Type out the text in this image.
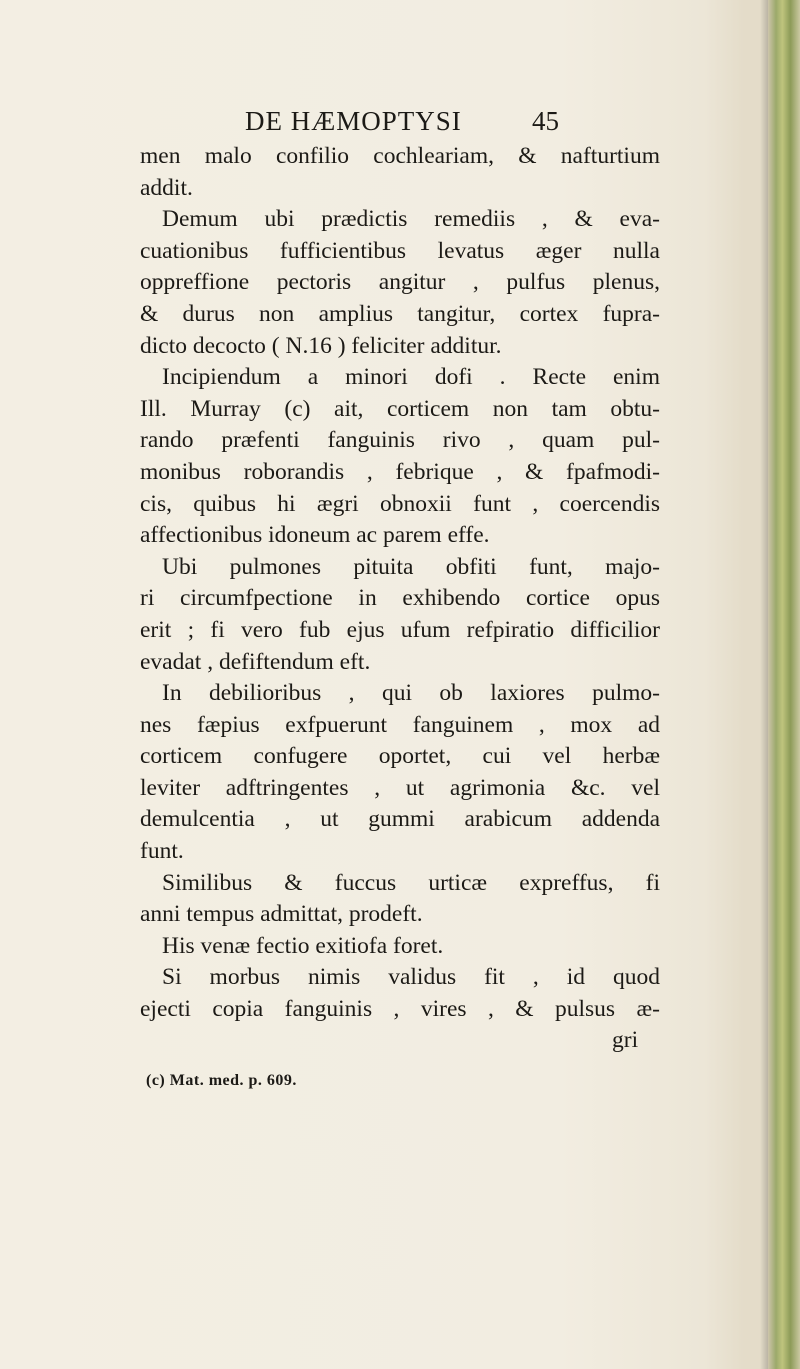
DE HÆMOPTYSI	45
men malo confilio cochleariam, & nafturtium
addit.
Demum ubi prædictis remediis , & eva-
cuationibus fufficientibus levatus æger nulla
oppreffione pectoris angitur , pulfus plenus,
& durus non amplius tangitur, cortex fupra-
dicto decocto ( N.16 ) feliciter additur.
Incipiendum a minori dofi . Recte enim
Ill. Murray (c) ait, corticem non tam obtu-
rando præfenti fanguinis rivo , quam pul-
monibus roborandis , febrique , & fpafmodi-
cis, quibus hi ægri obnoxii funt , coercendis
affectionibus idoneum ac parem effe.
Ubi pulmones pituita obfiti funt, majo-
ri circumfpectione in exhibendo cortice opus
erit ; fi vero fub ejus ufum refpiratio difficilior
evadat , defiftendum eft.
In debilioribus , qui ob laxiores pulmo-
nes fæpius exfpuerunt fanguinem , mox ad
corticem confugere oportet, cui vel herbæ
leviter adftringentes , ut agrimonia &c. vel
demulcentia , ut gummi arabicum addenda
funt.
Similibus & fuccus urticæ expreffus, fi
anni tempus admittat, prodeft.
His venæ fectio exitiofa foret.
Si morbus nimis validus fit , id quod
ejecti copia fanguinis , vires , & pulsus æ-
gri
(c) Mat. med. p. 609.
